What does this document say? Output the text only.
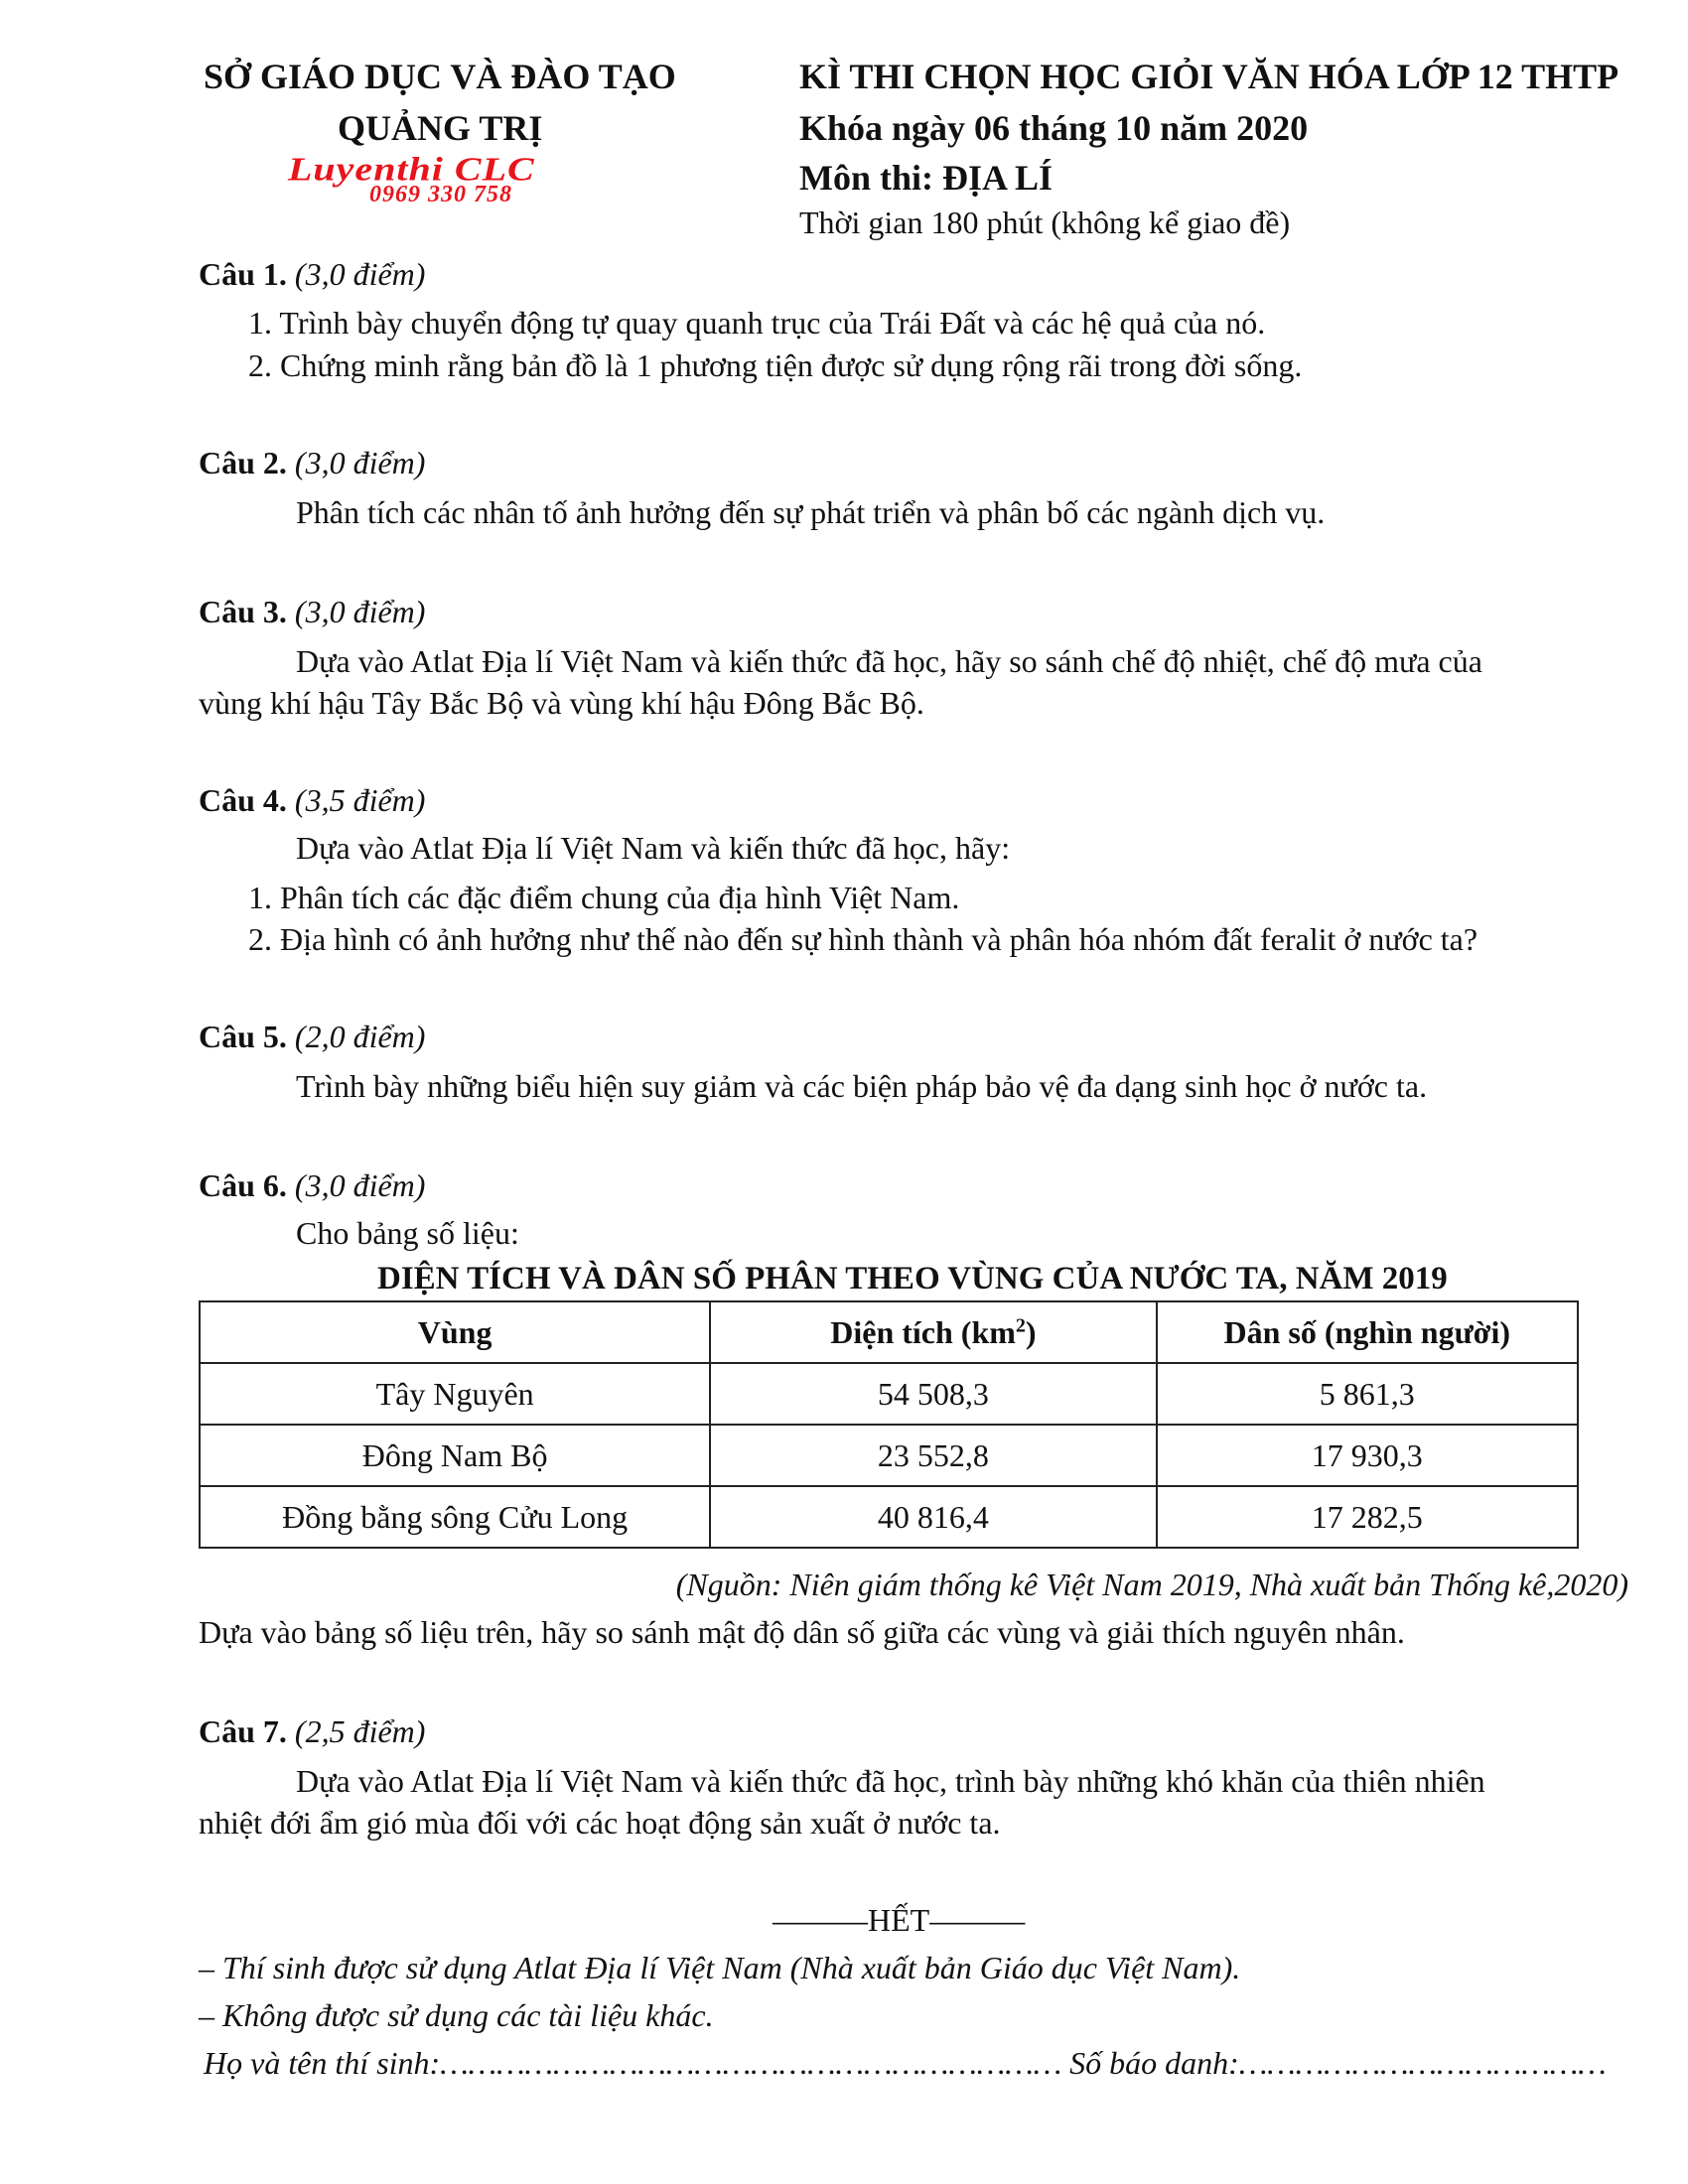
SỞ GIÁO DỤC VÀ ĐÀO TẠO
QUẢNG TRỊ
Luyenthi CLC
0969 330 758
KÌ THI CHỌN HỌC GIỎI VĂN HÓA LỚP 12 THTP
Khóa ngày 06 tháng 10 năm 2020
Môn thi: ĐỊA LÍ
Thời gian 180 phút (không kể giao đề)
Câu 1. (3,0 điểm)
1. Trình bày chuyển động tự quay quanh trục của Trái Đất và các hệ quả của nó.
2. Chứng minh rằng bản đồ là 1 phương tiện được sử dụng rộng rãi trong đời sống.
Câu 2. (3,0 điểm)
Phân tích các nhân tố ảnh hưởng đến sự phát triển và phân bố các ngành dịch vụ.
Câu 3. (3,0 điểm)
Dựa vào Atlat Địa lí Việt Nam và kiến thức đã học, hãy so sánh chế độ nhiệt, chế độ mưa của
vùng khí hậu Tây Bắc Bộ và vùng khí hậu Đông Bắc Bộ.
Câu 4. (3,5 điểm)
Dựa vào Atlat Địa lí Việt Nam và kiến thức đã học, hãy:
1. Phân tích các đặc điểm chung của địa hình Việt Nam.
2. Địa hình có ảnh hưởng như thế nào đến sự hình thành và phân hóa nhóm đất feralit ở nước ta?
Câu 5. (2,0 điểm)
Trình bày những biểu hiện suy giảm và các biện pháp bảo vệ đa dạng sinh học ở nước ta.
Câu 6. (3,0 điểm)
Cho bảng số liệu:
DIỆN TÍCH VÀ DÂN SỐ PHÂN THEO VÙNG CỦA NƯỚC TA, NĂM 2019
Vùng	Diện tích $(km^2)$	Dân số (nghìn người)
Tây Nguyên	54 508,3	5 861,3
Đông Nam Bộ	23 552,8	17 930,3
Đồng bằng sông Cửu Long	40 816,4	17 282,5
(Nguồn: Niên giám thống kê Việt Nam 2019, Nhà xuất bản Thống kê,2020)
Dựa vào bảng số liệu trên, hãy so sánh mật độ dân số giữa các vùng và giải thích nguyên nhân.
Câu 7. (2,5 điểm)
Dựa vào Atlat Địa lí Việt Nam và kiến thức đã học, trình bày những khó khăn của thiên nhiên
nhiệt đới ẩm gió mùa đối với các hoạt động sản xuất ở nước ta.
———HẾT———
– Thí sinh được sử dụng Atlat Địa lí Việt Nam (Nhà xuất bản Giáo dục Việt Nam).
– Không được sử dụng các tài liệu khác.
Họ và tên thí sinh:………………………………………………………… Số báo danh:…………………………………
